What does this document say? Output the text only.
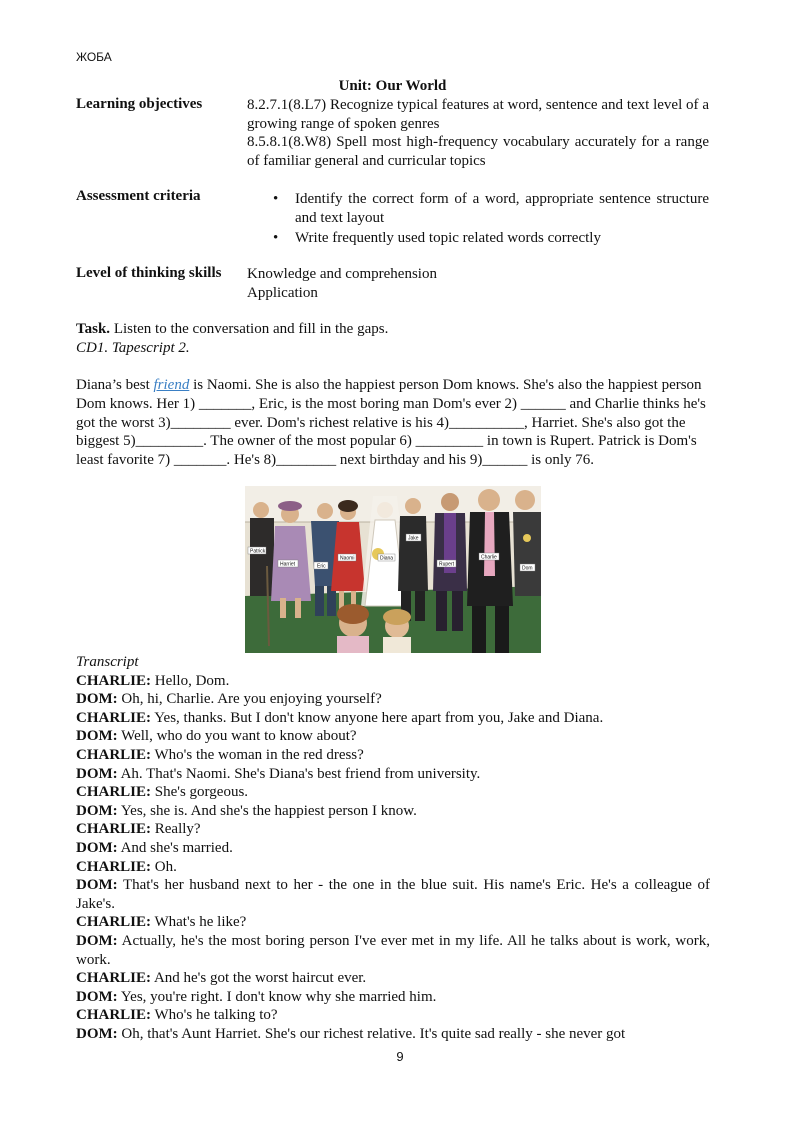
ЖОБА
Unit: Our World
Learning objectives	8.2.7.1(8.L7) Recognize typical features at word, sentence and text level of a growing range of spoken genres

8.5.8.1(8.W8) Spell most high-frequency vocabulary accurately for a range of familiar general and curricular topics

Assessment criteria
•	Identify the correct form of a word, appropriate sentence structure and text layout
• Write frequently used topic related words correctly
Level of thinking skills Knowledge and comprehension

Application

Task. Listen to the conversation and fill in the gaps.
CD1. Tapescript 2.
Diana’s best friend is Naomi. She is also the happiest person Dom knows. She's also the happiest person Dom knows. Her 1) _______, Eric, is the most boring man Dom's ever 2) ______ and Charlie thinks he's got the worst 3)________ ever. Dom's richest relative is his 4)__________, Harriet. She's also got the biggest 5)_________. The owner of the most popular 6) _________ in town is Rupert. Patrick is Dom's least favorite 7) _______. He's 8)________ next birthday and his 9)______ is only 76.
Patrick
Harriet	Eric
Naomi	Diana
Jake
Rupert
Charlie
Dom
Transcript
CHARLIE: Hello, Dom.
DOM: Oh, hi, Charlie. Are you enjoying yourself?
CHARLIE: Yes, thanks. But I don't know anyone here apart from you, Jake and Diana.
DOM: Well, who do you want to know about?
CHARLIE: Who's the woman in the red dress?
DOM: Ah. That's Naomi. She's Diana's best friend from university.
CHARLIE: She's gorgeous.
DOM: Yes, she is. And she's the happiest person I know.
CHARLIE: Really?
DOM: And she's married.
CHARLIE: Oh.
DOM: That's her husband next to her - the one in the blue suit. His name's Eric. He's a colleague of Jake's.
CHARLIE: What's he like?
DOM: Actually, he's the most boring person I've ever met in my life. All he talks about is work, work, work.
CHARLIE: And he's got the worst haircut ever.
DOM: Yes, you're right. I don't know why she married him.
CHARLIE: Who's he talking to?
DOM: Oh, that's Aunt Harriet. She's our richest relative. It's quite sad really - she never got
9
